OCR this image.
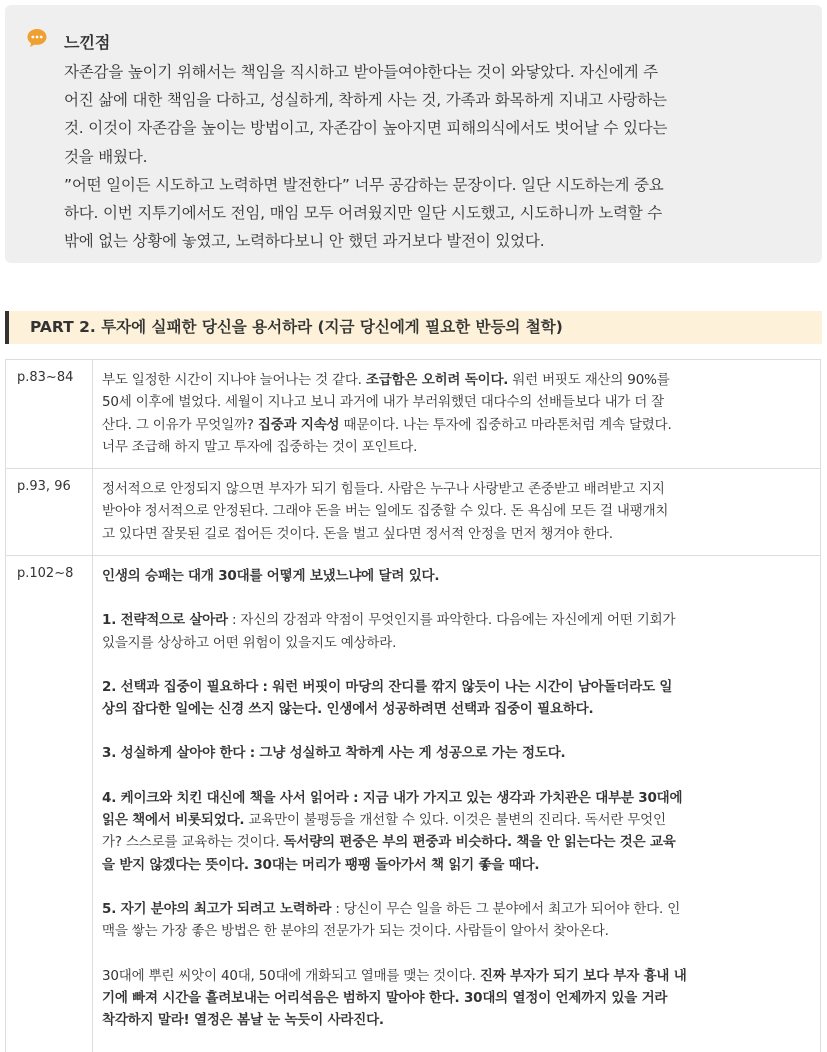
느낀점

자존감을 높이기 위해서는 책임을 직시하고 받아들여야한다는 것이 와닿았다. 자신에게 주

어진 삶에 대한 책임을 다하고, 성실하게, 착하게 사는 것, 가족과 화목하게 지내고 사랑하는

것. 이것이 자존감을 높이는 방법이고, 자존감이 높아지면 피해의식에서도 벗어날 수 있다는

것을 배웠다.

”어떤 일이든 시도하고 노력하면 발전한다” 너무 공감하는 문장이다. 일단 시도하는게 중요

하다. 이번 지투기에서도 전임, 매임 모두 어려웠지만 일단 시도했고, 시도하니까 노력할 수

밖에 없는 상황에 놓였고, 노력하다보니 안 했던 과거보다 발전이 있었다.

PART 2. 투자에 실패한 당신을 용서하라 (지금 당신에게 필요한 반등의 철학)
p.83~84	부도 일정한 시간이 지나야 늘어나는 것 같다. 조급함은 오히려 독이다. 워런 버핏도 재산의 90%를
50세 이후에 벌었다. 세월이 지나고 보니 과거에 내가 부러워했던 대다수의 선배들보다 내가 더 잘
산다. 그 이유가 무엇일까? 집중과 지속성 때문이다. 나는 투자에 집중하고 마라톤처럼 계속 달렸다.
너무 조급해 하지 말고 투자에 집중하는 것이 포인트다.
p.93, 96	정서적으로 안정되지 않으면 부자가 되기 힘들다. 사람은 누구나 사랑받고 존중받고 배려받고 지지
받아야 정서적으로 안정된다. 그래야 돈을 버는 일에도 집중할 수 있다. 돈 욕심에 모든 걸 내팽개치
고 있다면 잘못된 길로 접어든 것이다. 돈을 벌고 싶다면 정서적 안정을 먼저 챙겨야 한다.
p.102~8	인생의 승패는 대개 30대를 어떻게 보냈느냐에 달려 있다.
1. 전략적으로 살아라 : 자신의 강점과 약점이 무엇인지를 파악한다. 다음에는 자신에게 어떤 기회가
있을지를 상상하고 어떤 위험이 있을지도 예상하라.
2. 선택과 집중이 필요하다 : 워런 버핏이 마당의 잔디를 깎지 않듯이 나는 시간이 남아돌더라도 일
상의 잡다한 일에는 신경 쓰지 않는다. 인생에서 성공하려면 선택과 집중이 필요하다.
3. 성실하게 살아야 한다 : 그냥 성실하고 착하게 사는 게 성공으로 가는 정도다.
4. 케이크와 치킨 대신에 책을 사서 읽어라 : 지금 내가 가지고 있는 생각과 가치관은 대부분 30대에
읽은 책에서 비롯되었다. 교육만이 불평등을 개선할 수 있다. 이것은 불변의 진리다. 독서란 무엇인
가? 스스로를 교육하는 것이다. 독서량의 편중은 부의 편중과 비슷하다. 책을 안 읽는다는 것은 교육
을 받지 않겠다는 뜻이다. 30대는 머리가 팽팽 돌아가서 책 읽기 좋을 때다.
5. 자기 분야의 최고가 되려고 노력하라 : 당신이 무슨 일을 하든 그 분야에서 최고가 되어야 한다. 인
맥을 쌓는 가장 좋은 방법은 한 분야의 전문가가 되는 것이다. 사람들이 알아서 찾아온다.
30대에 뿌린 씨앗이 40대, 50대에 개화되고 열매를 맺는 것이다. 진짜 부자가 되기 보다 부자 흉내 내
기에 빠져 시간을 흘려보내는 어리석음은 범하지 말아야 한다. 30대의 열정이 언제까지 있을 거라
착각하지 말라! 열정은 봄날 눈 녹듯이 사라진다.
